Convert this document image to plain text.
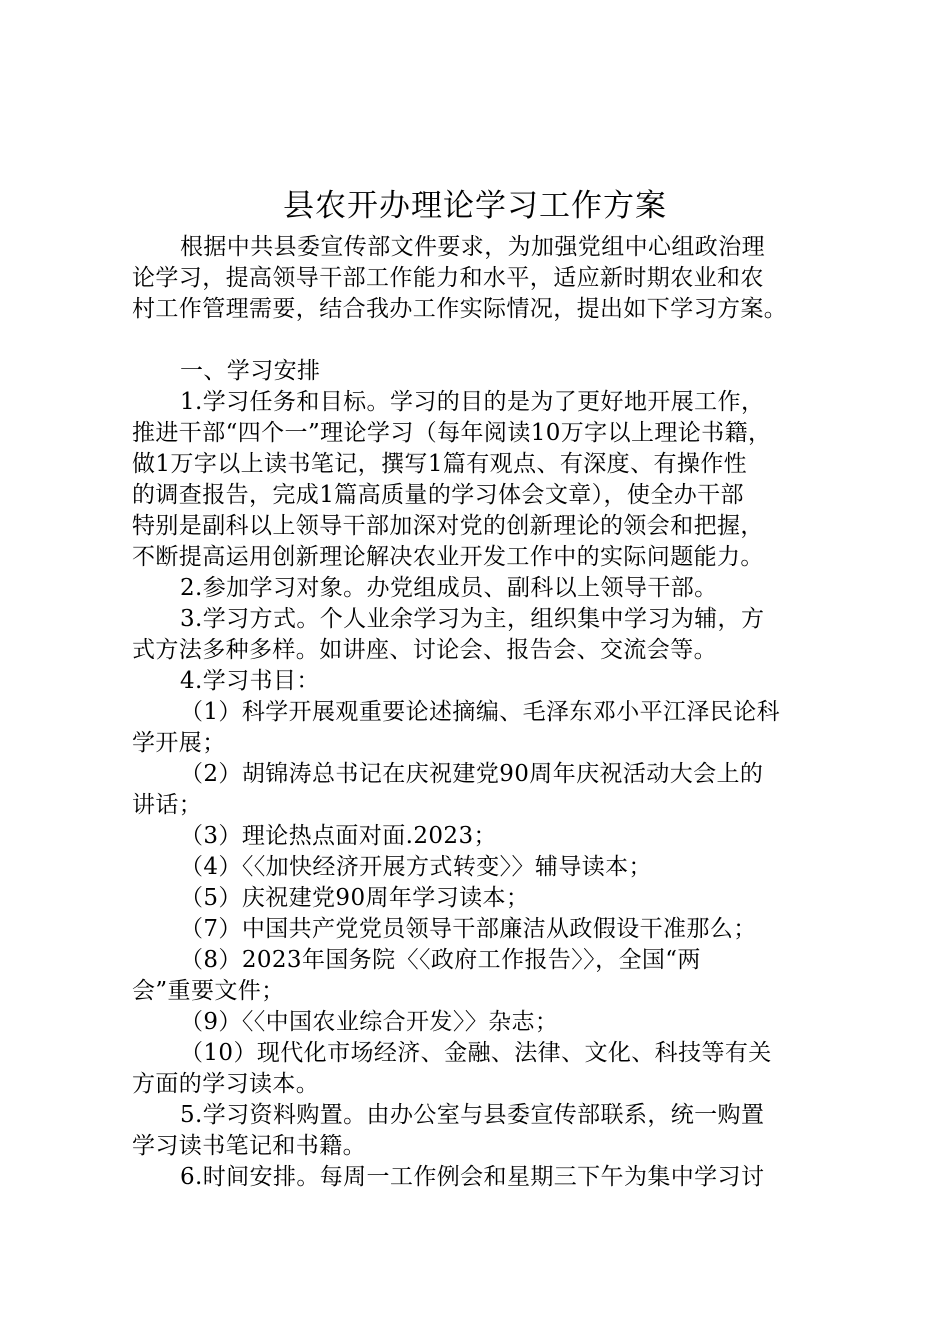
县农开办理论学习工作方案
根据中共县委宣传部文件要求，为加强党组中心组政治理
论学习，提高领导干部工作能力和水平，适应新时期农业和农
村工作管理需要，结合我办工作实际情况，提出如下学习方案。
一、学习安排
1.学习任务和目标。学习的目的是为了更好地开展工作，
推进干部“四个一”理论学习（每年阅读10万字以上理论书籍，
做1万字以上读书笔记，撰写1篇有观点、有深度、有操作性
的调查报告，完成1篇高质量的学习体会文章），使全办干部
特别是副科以上领导干部加深对党的创新理论的领会和把握，
不断提高运用创新理论解决农业开发工作中的实际问题能力。
2.参加学习对象。办党组成员、副科以上领导干部。
3.学习方式。个人业余学习为主，组织集中学习为辅，方
式方法多种多样。如讲座、讨论会、报告会、交流会等。
4.学习书目：
（1）科学开展观重要论述摘编、毛泽东邓小平江泽民论科
学开展；
（2）胡锦涛总书记在庆祝建党90周年庆祝活动大会上的
讲话；
（3）理论热点面对面.2023；
（4）〈〈加快经济开展方式转变〉〉辅导读本；
（5）庆祝建党90周年学习读本；
（7）中国共产党党员领导干部廉洁从政假设干准那么；
（8）2023年国务院〈〈政府工作报告〉〉，全国“两
会”重要文件；
（9）〈〈中国农业综合开发〉〉杂志；
（10）现代化市场经济、金融、法律、文化、科技等有关
方面的学习读本。
5.学习资料购置。由办公室与县委宣传部联系，统一购置
学习读书笔记和书籍。
6.时间安排。每周一工作例会和星期三下午为集中学习讨
